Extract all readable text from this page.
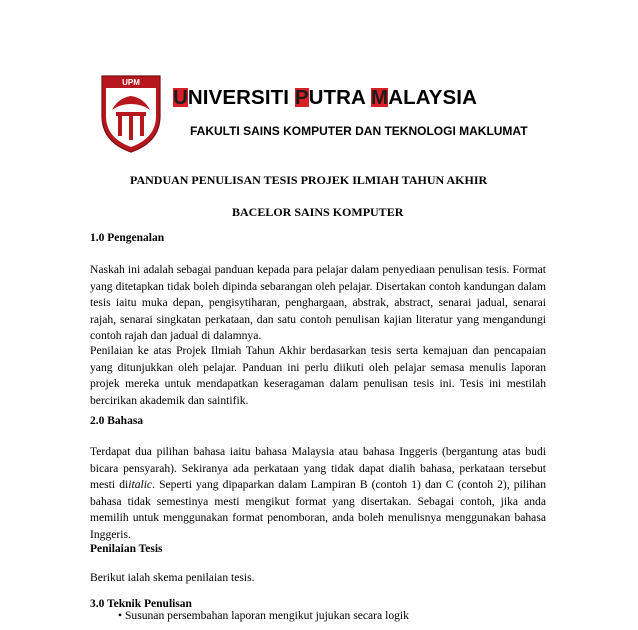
UPM
UNIVERSITI PUTRA MALAYSIA
FAKULTI SAINS KOMPUTER DAN TEKNOLOGI MAKLUMAT
PANDUAN PENULISAN TESIS PROJEK ILMIAH TAHUN AKHIR
BACELOR SAINS KOMPUTER
1.0 Pengenalan

Naskah ini adalah sebagai panduan kepada para pelajar dalam penyediaan penulisan tesis. Format yang ditetapkan tidak boleh dipinda sebarangan oleh pelajar. Disertakan contoh kandungan dalam tesis iaitu muka depan, pengisytiharan, penghargaan, abstrak, abstract, senarai jadual, senarai rajah, senarai singkatan perkataan, dan satu contoh penulisan kajian literatur yang mengandungi contoh rajah dan jadual di dalamnya.

Penilaian ke atas Projek Ilmiah Tahun Akhir berdasarkan tesis serta kemajuan dan pencapaian yang ditunjukkan oleh pelajar. Panduan ini perlu diikuti oleh pelajar semasa menulis laporan projek mereka untuk mendapatkan keseragaman dalam penulisan tesis ini. Tesis ini mestilah bercirikan akademik dan saintifik.

2.0 Bahasa

Terdapat dua pilihan bahasa iaitu bahasa Malaysia atau bahasa Inggeris (bergantung atas budi bicara pensyarah). Sekiranya ada perkataan yang tidak dapat dialih bahasa, perkataan tersebut mesti diitalic. Seperti yang dipaparkan dalam Lampiran B (contoh 1) dan C (contoh 2), pilihan bahasa tidak semestinya mesti mengikut format yang disertakan. Sebagai contoh, jika anda memilih untuk menggunakan format penomboran, anda boleh menulisnya menggunakan bahasa Inggeris.

Penilaian Tesis

Berikut ialah skema penilaian tesis.

3.0 Teknik Penulisan
• Susunan persembahan laporan mengikut jujukan secara logik
